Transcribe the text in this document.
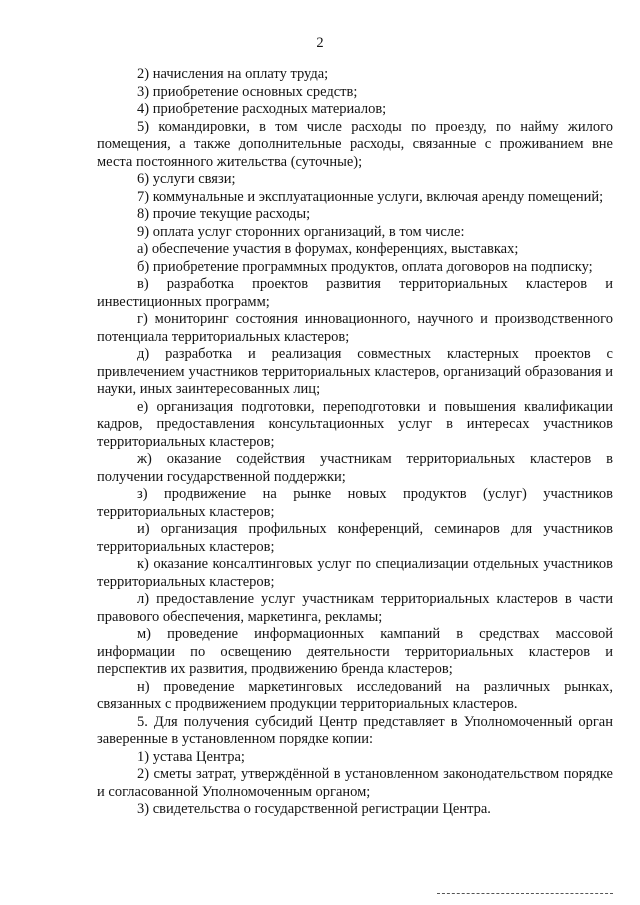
2

2) начисления на оплату труда;

3) приобретение основных средств;

4) приобретение расходных материалов;

5) командировки, в том числе расходы по проезду, по найму жилого помещения, а также дополнительные расходы, связанные с проживанием вне места постоянного жительства (суточные);

6) услуги связи;

7) коммунальные и эксплуатационные услуги, включая аренду помещений;

8) прочие текущие расходы;

9) оплата услуг сторонних организаций, в том числе:

а) обеспечение участия в форумах, конференциях, выставках;

б) приобретение программных продуктов, оплата договоров на подписку;

в) разработка проектов развития территориальных кластеров и инвестиционных программ;

г) мониторинг состояния инновационного, научного и производственного потенциала территориальных кластеров;

д) разработка и реализация совместных кластерных проектов с привлечением участников территориальных кластеров, организаций образования и науки, иных заинтересованных лиц;

е) организация подготовки, переподготовки и повышения квалификации кадров, предоставления консультационных услуг в интересах участников территориальных кластеров;

ж) оказание содействия участникам территориальных кластеров в получении государственной поддержки;

з) продвижение на рынке новых продуктов (услуг) участников территориальных кластеров;

и) организация профильных конференций, семинаров для участников территориальных кластеров;

к) оказание консалтинговых услуг по специализации отдельных участников территориальных кластеров;

л) предоставление услуг участникам территориальных кластеров в части правового обеспечения, маркетинга, рекламы;

м) проведение информационных кампаний в средствах массовой информации по освещению деятельности территориальных кластеров и перспектив их развития, продвижению бренда кластеров;

н) проведение маркетинговых исследований на различных рынках, связанных с продвижением продукции территориальных кластеров.

5. Для получения субсидий Центр представляет в Уполномоченный орган заверенные в установленном порядке копии:

1) устава Центра;

2) сметы затрат, утверждённой в установленном законодательством порядке и согласованной Уполномоченным органом;

3) свидетельства о государственной регистрации Центра.
